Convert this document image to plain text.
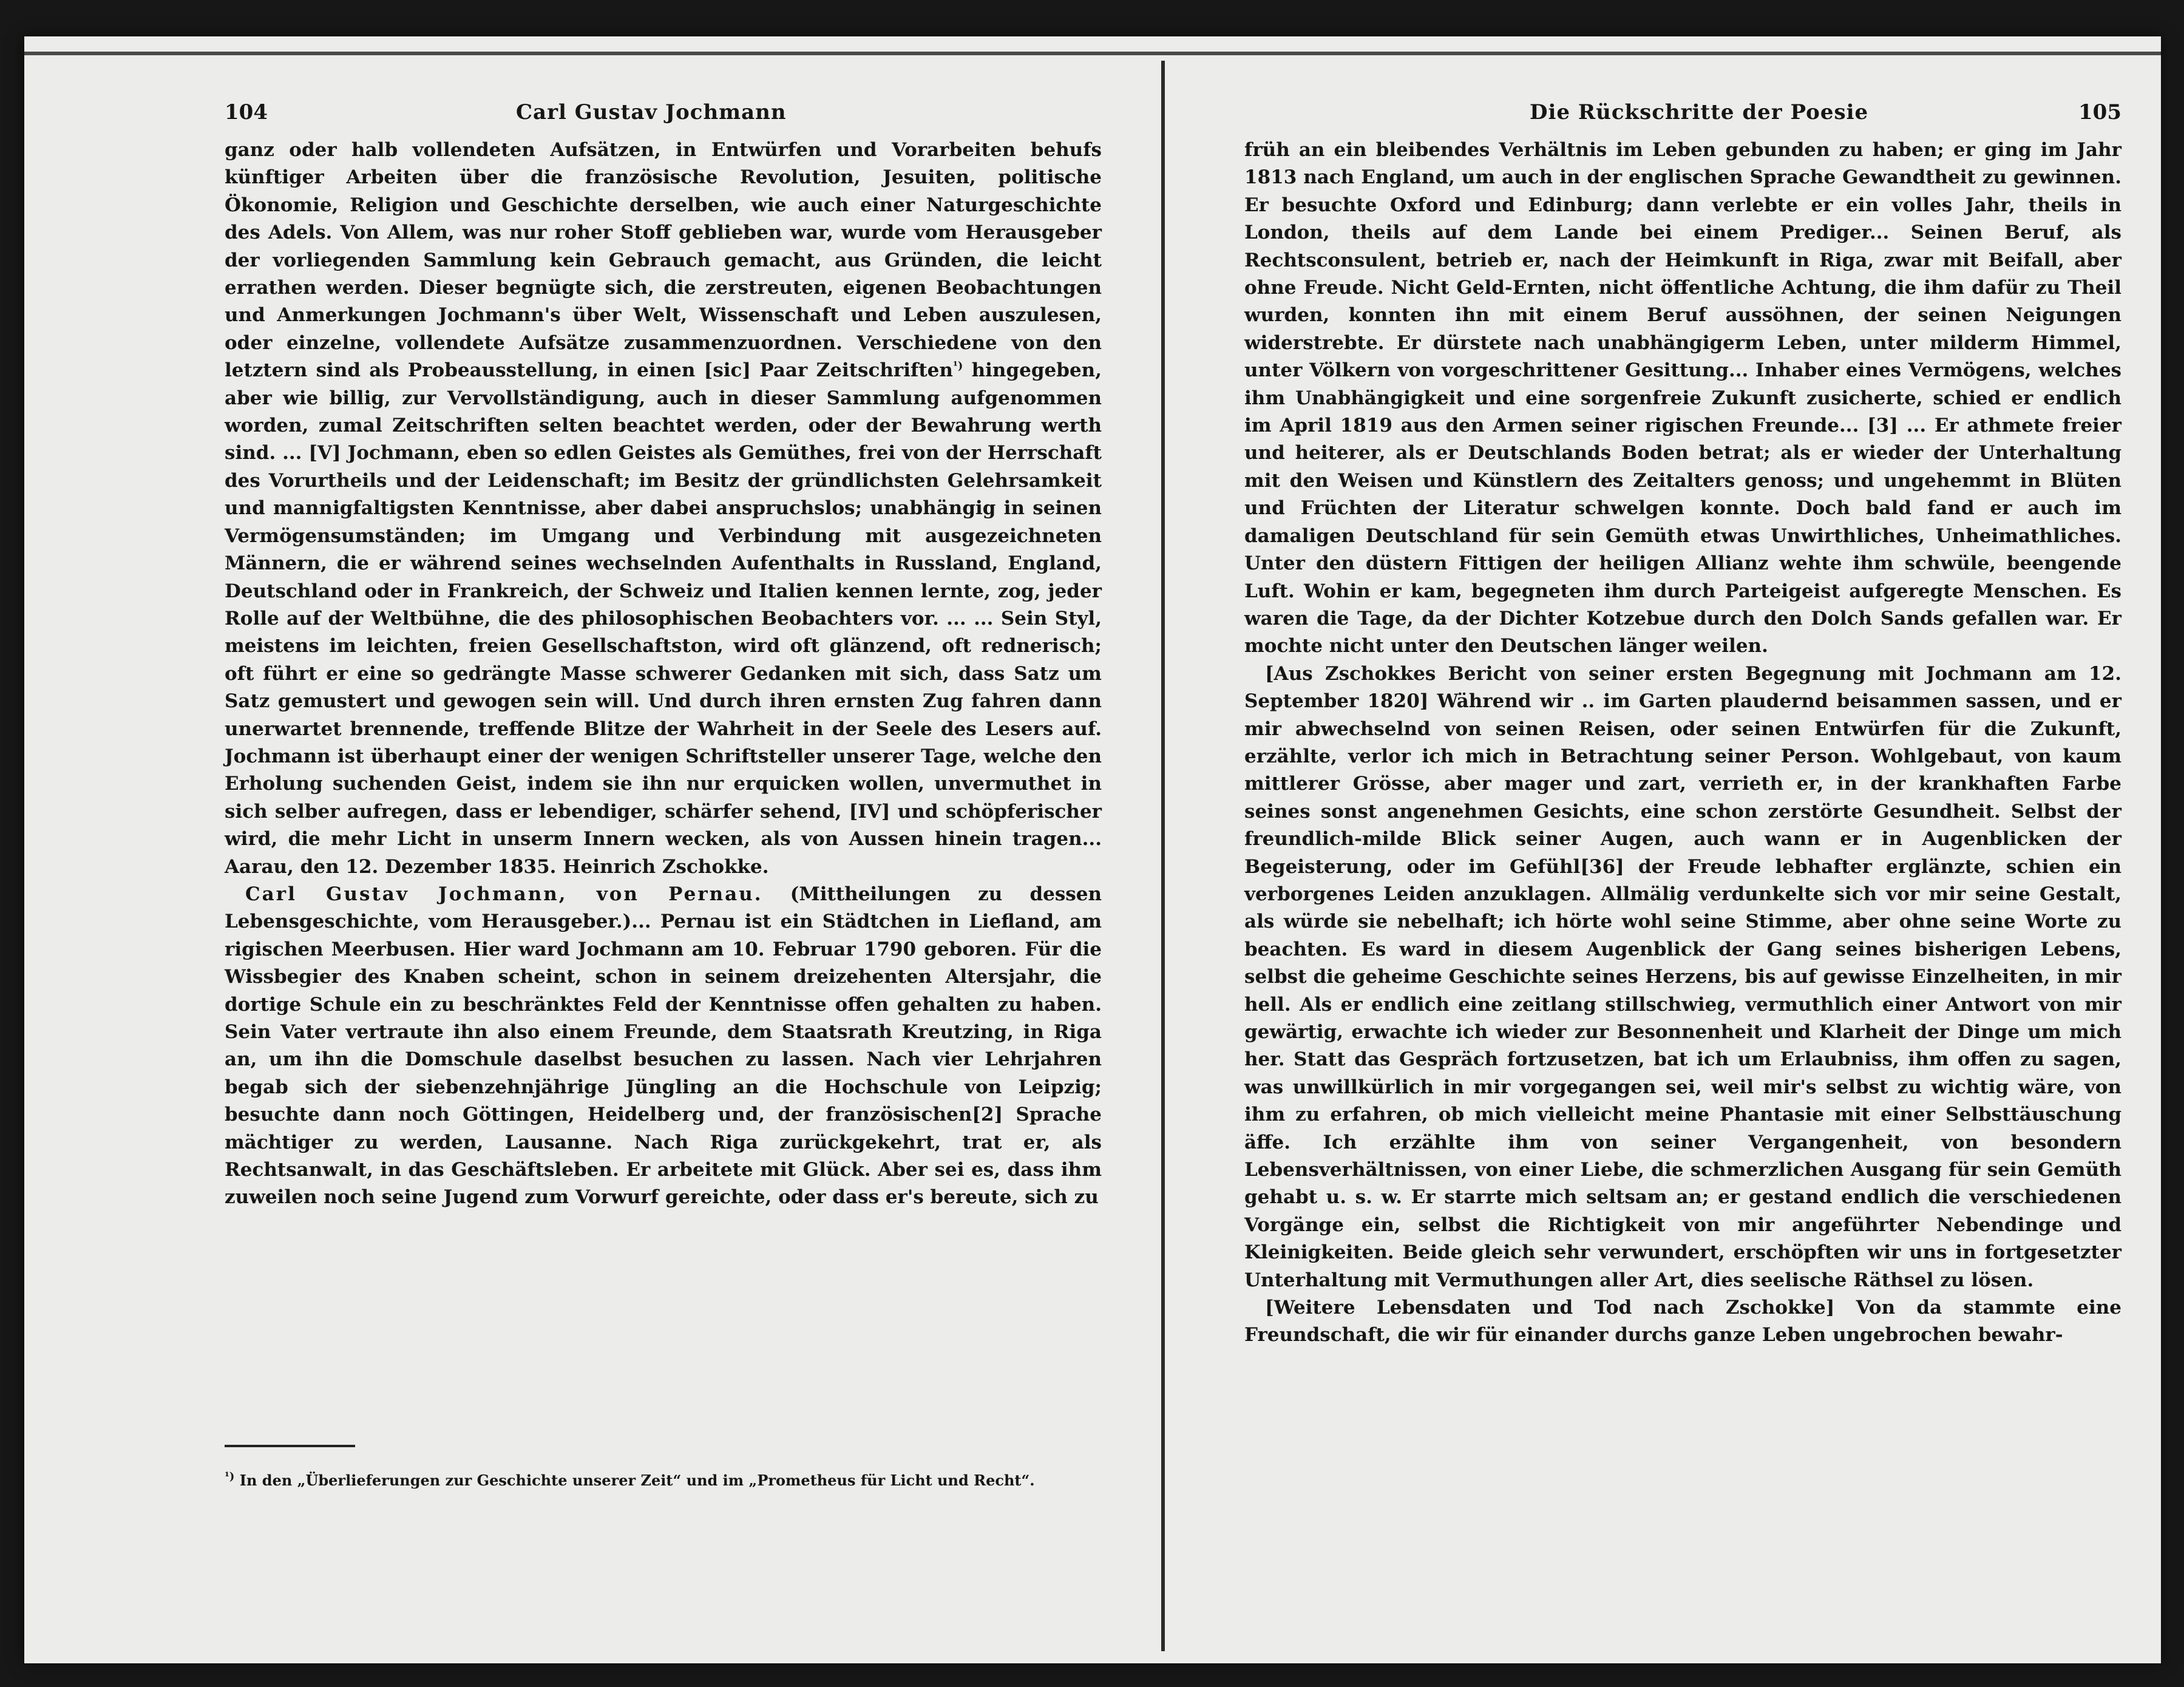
104	Carl Gustav Jochmann

ganz oder halb vollendeten Aufsätzen, in Entwürfen und Vorarbeiten behufs künftiger Arbeiten über die französische Revolution, Jesuiten, politische Ökonomie, Religion und Geschichte derselben, wie auch einer Naturgeschichte des Adels. Von Allem, was nur roher Stoff geblieben war, wurde vom Herausgeber der vorliegenden Sammlung kein Gebrauch gemacht, aus Gründen, die leicht errathen werden. Dieser begnügte sich, die zerstreuten, eigenen Beobachtungen und Anmerkungen Jochmann's über Welt, Wissenschaft und Leben auszulesen, oder einzelne, vollendete Aufsätze zusammenzuordnen. Verschiedene von den letztern sind als Probeausstellung, in einen [sic] Paar Zeitschriften$^{^1)}$ hingegeben, aber wie billig, zur Vervollständigung, auch in dieser Sammlung aufgenommen worden, zumal Zeitschriften selten beachtet werden, oder der Bewahrung werth sind. ... [V] Jochmann, eben so edlen Geistes als Gemüthes, frei von der Herrschaft des Vorurtheils und der Leidenschaft; im Besitz der gründlichsten Gelehrsamkeit und mannigfaltigsten Kenntnisse, aber dabei anspruchslos; unabhängig in seinen Vermögensumständen; im Umgang und Verbindung mit ausgezeichneten Männern, die er während seines wechselnden Aufenthalts in Russland, England, Deutschland oder in Frankreich, der Schweiz und Italien kennen lernte, zog, jeder Rolle auf der Weltbühne, die des philosophischen Beobachters vor. ... ... Sein Styl, meistens im leichten, freien Gesellschaftston, wird oft glänzend, oft rednerisch; oft führt er eine so gedrängte Masse schwerer Gedanken mit sich, dass Satz um Satz gemustert und gewogen sein will. Und durch ihren ernsten Zug fahren dann unerwartet brennende, treffende Blitze der Wahrheit in der Seele des Lesers auf. Jochmann ist überhaupt einer der wenigen Schriftsteller unserer Tage, welche den Erholung suchenden Geist, indem sie ihn nur erquicken wollen, unvermuthet in sich selber aufregen, dass er lebendiger, schärfer sehend, [IV] und schöpferischer wird, die mehr Licht in unserm Innern wecken, als von Aussen hinein tragen... Aarau, den 12. Dezember 1835. Heinrich Zschokke.

Carl Gustav Jochmann, von Pernau. (Mittheilungen zu dessen Lebensgeschichte, vom Herausgeber.)... Pernau ist ein Städtchen in Liefland, am rigischen Meerbusen. Hier ward Jochmann am 10. Februar 1790 geboren. Für die Wissbegier des Knaben scheint, schon in seinem dreizehenten Altersjahr, die dortige Schule ein zu beschränktes Feld der Kenntnisse offen gehalten zu haben. Sein Vater vertraute ihn also einem Freunde, dem Staatsrath Kreutzing, in Riga an, um ihn die Domschule daselbst besuchen zu lassen. Nach vier Lehrjahren begab sich der siebenzehnjährige Jüngling an die Hochschule von Leipzig; besuchte dann noch Göttingen, Heidelberg und, der französischen[2] Sprache mächtiger zu werden, Lausanne. Nach Riga zurückgekehrt, trat er, als Rechtsanwalt, in das Geschäftsleben. Er arbeitete mit Glück. Aber sei es, dass ihm zuweilen noch seine Jugend zum Vorwurf gereichte, oder dass er's bereute, sich zu

$^{^1)}$ In den „Überlieferungen zur Geschichte unserer Zeit“ und im „Prometheus für Licht und Recht“.

Die Rückschritte der Poesie	105

früh an ein bleibendes Verhältnis im Leben gebunden zu haben; er ging im Jahr 1813 nach England, um auch in der englischen Sprache Gewandtheit zu gewinnen. Er besuchte Oxford und Edinburg; dann verlebte er ein volles Jahr, theils in London, theils auf dem Lande bei einem Prediger... Seinen Beruf, als Rechtsconsulent, betrieb er, nach der Heimkunft in Riga, zwar mit Beifall, aber ohne Freude. Nicht Geld-Ernten, nicht öffentliche Achtung, die ihm dafür zu Theil wurden, konnten ihn mit einem Beruf aussöhnen, der seinen Neigungen widerstrebte. Er dürstete nach unabhängigerm Leben, unter milderm Himmel, unter Völkern von vorgeschrittener Gesittung... Inhaber eines Vermögens, welches ihm Unabhängigkeit und eine sorgenfreie Zukunft zusicherte, schied er endlich im April 1819 aus den Armen seiner rigischen Freunde... [3] ... Er athmete freier und heiterer, als er Deutschlands Boden betrat; als er wieder der Unterhaltung mit den Weisen und Künstlern des Zeitalters genoss; und ungehemmt in Blüten und Früchten der Literatur schwelgen konnte. Doch bald fand er auch im damaligen Deutschland für sein Gemüth etwas Unwirthliches, Unheimathliches. Unter den düstern Fittigen der heiligen Allianz wehte ihm schwüle, beengende Luft. Wohin er kam, begegneten ihm durch Parteigeist aufgeregte Menschen. Es waren die Tage, da der Dichter Kotzebue durch den Dolch Sands gefallen war. Er mochte nicht unter den Deutschen länger weilen.

[Aus Zschokkes Bericht von seiner ersten Begegnung mit Jochmann am 12. September 1820] Während wir .. im Garten plaudernd beisammen sassen, und er mir abwechselnd von seinen Reisen, oder seinen Entwürfen für die Zukunft, erzählte, verlor ich mich in Betrachtung seiner Person. Wohlgebaut, von kaum mittlerer Grösse, aber mager und zart, verrieth er, in der krankhaften Farbe seines sonst angenehmen Gesichts, eine schon zerstörte Gesundheit. Selbst der freundlich-milde Blick seiner Augen, auch wann er in Augenblicken der Begeisterung, oder im Gefühl[36] der Freude lebhafter erglänzte, schien ein verborgenes Leiden anzuklagen. Allmälig verdunkelte sich vor mir seine Gestalt, als würde sie nebelhaft; ich hörte wohl seine Stimme, aber ohne seine Worte zu beachten. Es ward in diesem Augenblick der Gang seines bisherigen Lebens, selbst die geheime Geschichte seines Herzens, bis auf gewisse Einzelheiten, in mir hell. Als er endlich eine zeitlang stillschwieg, vermuthlich einer Antwort von mir gewärtig, erwachte ich wieder zur Besonnenheit und Klarheit der Dinge um mich her. Statt das Gespräch fortzusetzen, bat ich um Erlaubniss, ihm offen zu sagen, was unwillkürlich in mir vorgegangen sei, weil mir's selbst zu wichtig wäre, von ihm zu erfahren, ob mich vielleicht meine Phantasie mit einer Selbsttäuschung äffe. Ich erzählte ihm von seiner Vergangenheit, von besondern Lebensverhältnissen, von einer Liebe, die schmerzlichen Ausgang für sein Gemüth gehabt u. s. w. Er starrte mich seltsam an; er gestand endlich die verschiedenen Vorgänge ein, selbst die Richtigkeit von mir angeführter Nebendinge und Kleinigkeiten. Beide gleich sehr verwundert, erschöpften wir uns in fortgesetzter Unterhaltung mit Vermuthungen aller Art, dies seelische Räthsel zu lösen.

[Weitere Lebensdaten und Tod nach Zschokke] Von da stammte eine Freundschaft, die wir für einander durchs ganze Leben ungebrochen bewahr-
